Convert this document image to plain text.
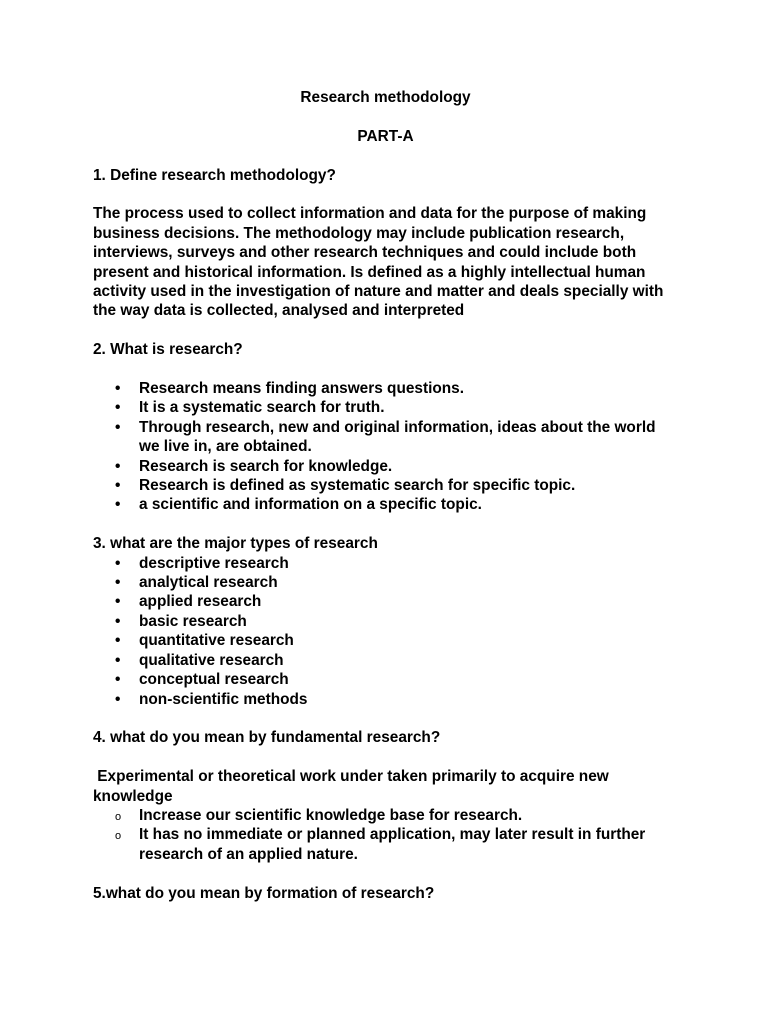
Research methodology

PART-A

1. Define research methodology?

The process used to collect information and data for the purpose of making business decisions. The methodology may include publication research, interviews, surveys and other research techniques and could include both present and historical information. Is defined as a highly intellectual human activity used in the investigation of nature and matter and deals specially with the way data is collected, analysed and interpreted

2. What is research?

• Research means finding answers questions.
• It is a systematic search for truth.
• Through research, new and original information, ideas about the world we live in, are obtained.
• Research is search for knowledge.
• Research is defined as systematic search for specific topic.
• a scientific and information on a specific topic.

3. what are the major types of research

• descriptive research
• analytical research
• applied research
• basic research
• quantitative research
• qualitative research
• conceptual research
• non-scientific methods

4. what do you mean by fundamental research?

Experimental or theoretical work under taken primarily to acquire new knowledge

o Increase our scientific knowledge base for research.
o It has no immediate or planned application, may later result in further research of an applied nature.

5.what do you mean by formation of research?
